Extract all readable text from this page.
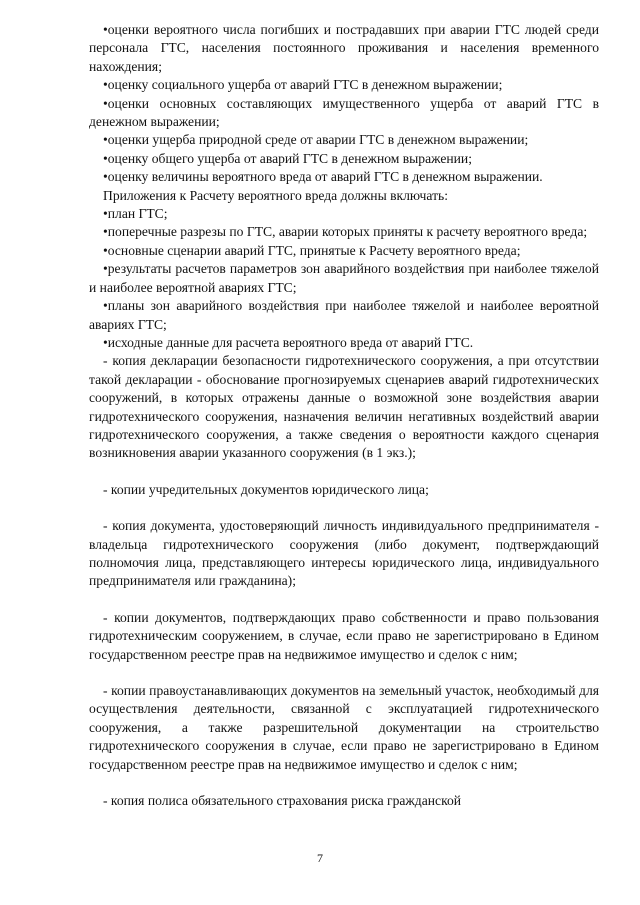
•оценки вероятного числа погибших и пострадавших при аварии ГТС людей среди персонала ГТС, населения постоянного проживания и населения временного нахождения;

•оценку социального ущерба от аварий ГТС в денежном выражении;

•оценки основных составляющих имущественного ущерба от аварий ГТС в денежном выражении;

•оценки ущерба природной среде от аварии ГТС в денежном выражении;

•оценку общего ущерба от аварий ГТС в денежном выражении;

•оценку величины вероятного вреда от аварий ГТС в денежном выражении.

Приложения к Расчету вероятного вреда должны включать:

•план ГТС;

•поперечные разрезы по ГТС, аварии которых приняты к расчету вероятного вреда;

•основные сценарии аварий ГТС, принятые к Расчету вероятного вреда;

•результаты расчетов параметров зон аварийного воздействия при наиболее тяжелой и наиболее вероятной авариях ГТС;

•планы зон аварийного воздействия при наиболее тяжелой и наиболее вероятной авариях ГТС;

•исходные данные для расчета вероятного вреда от аварий ГТС.

- копия декларации безопасности гидротехнического сооружения, а при отсутствии такой декларации - обоснование прогнозируемых сценариев аварий гидротехнических сооружений, в которых отражены данные о возможной зоне воздействия аварии гидротехнического сооружения, назначения величин негативных воздействий аварии гидротехнического сооружения, а также сведения о вероятности каждого сценария возникновения аварии указанного сооружения (в 1 экз.);

- копии учредительных документов юридического лица;

- копия документа, удостоверяющий личность индивидуального предпринимателя - владельца гидротехнического сооружения (либо документ, подтверждающий полномочия лица, представляющего интересы юридического лица, индивидуального предпринимателя или гражданина);

- копии документов, подтверждающих право собственности и право пользования гидротехническим сооружением, в случае, если право не зарегистрировано в Едином государственном реестре прав на недвижимое имущество и сделок с ним;

- копии правоустанавливающих документов на земельный участок, необходимый для осуществления деятельности, связанной с эксплуатацией гидротехнического сооружения, а также разрешительной документации на строительство гидротехнического сооружения в случае, если право не зарегистрировано в Едином государственном реестре прав на недвижимое имущество и сделок с ним;

- копия полиса обязательного страхования риска гражданской

7
